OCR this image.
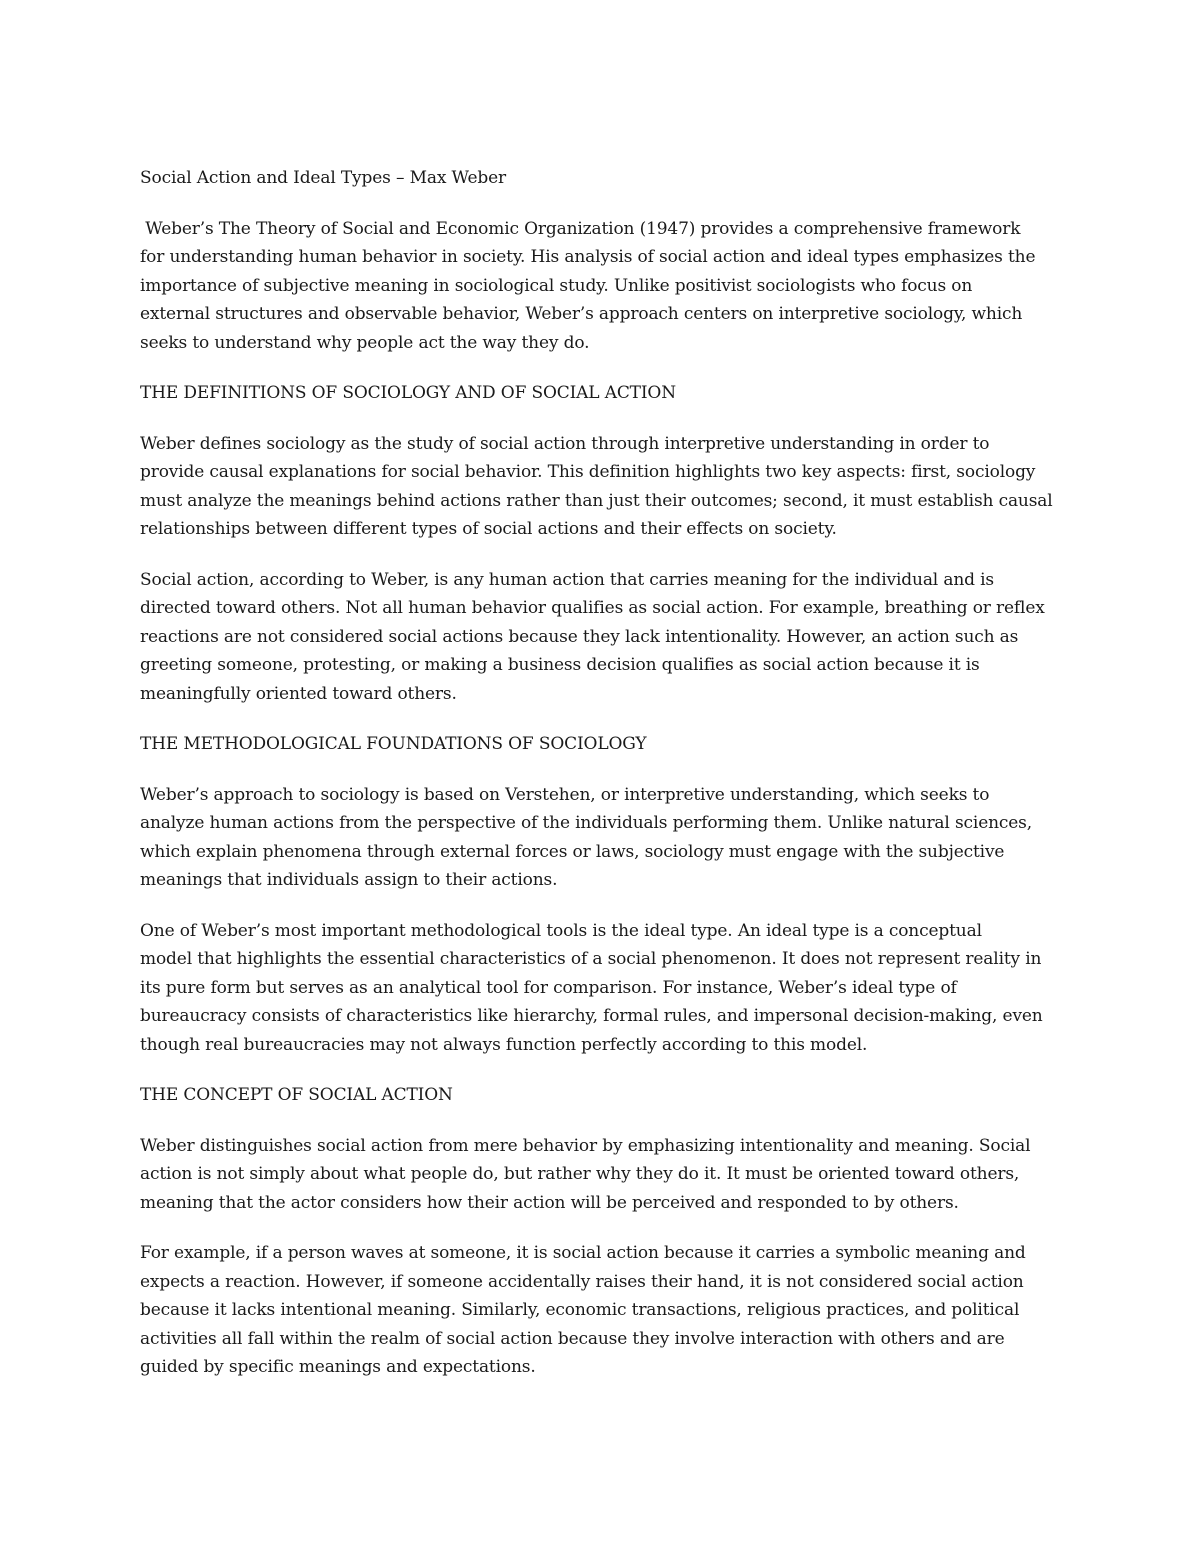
Social Action and Ideal Types – Max Weber
Weber’s The Theory of Social and Economic Organization (1947) provides a comprehensive framework
for understanding human behavior in society. His analysis of social action and ideal types emphasizes the
importance of subjective meaning in sociological study. Unlike positivist sociologists who focus on
external structures and observable behavior, Weber’s approach centers on interpretive sociology, which
seeks to understand why people act the way they do.
THE DEFINITIONS OF SOCIOLOGY AND OF SOCIAL ACTION
Weber defines sociology as the study of social action through interpretive understanding in order to
provide causal explanations for social behavior. This definition highlights two key aspects: first, sociology
must analyze the meanings behind actions rather than just their outcomes; second, it must establish causal
relationships between different types of social actions and their effects on society.
Social action, according to Weber, is any human action that carries meaning for the individual and is
directed toward others. Not all human behavior qualifies as social action. For example, breathing or reflex
reactions are not considered social actions because they lack intentionality. However, an action such as
greeting someone, protesting, or making a business decision qualifies as social action because it is
meaningfully oriented toward others.
THE METHODOLOGICAL FOUNDATIONS OF SOCIOLOGY
Weber’s approach to sociology is based on Verstehen, or interpretive understanding, which seeks to
analyze human actions from the perspective of the individuals performing them. Unlike natural sciences,
which explain phenomena through external forces or laws, sociology must engage with the subjective
meanings that individuals assign to their actions.
One of Weber’s most important methodological tools is the ideal type. An ideal type is a conceptual
model that highlights the essential characteristics of a social phenomenon. It does not represent reality in
its pure form but serves as an analytical tool for comparison. For instance, Weber’s ideal type of
bureaucracy consists of characteristics like hierarchy, formal rules, and impersonal decision-making, even
though real bureaucracies may not always function perfectly according to this model.
THE CONCEPT OF SOCIAL ACTION
Weber distinguishes social action from mere behavior by emphasizing intentionality and meaning. Social
action is not simply about what people do, but rather why they do it. It must be oriented toward others,
meaning that the actor considers how their action will be perceived and responded to by others.
For example, if a person waves at someone, it is social action because it carries a symbolic meaning and
expects a reaction. However, if someone accidentally raises their hand, it is not considered social action
because it lacks intentional meaning. Similarly, economic transactions, religious practices, and political
activities all fall within the realm of social action because they involve interaction with others and are
guided by specific meanings and expectations.
